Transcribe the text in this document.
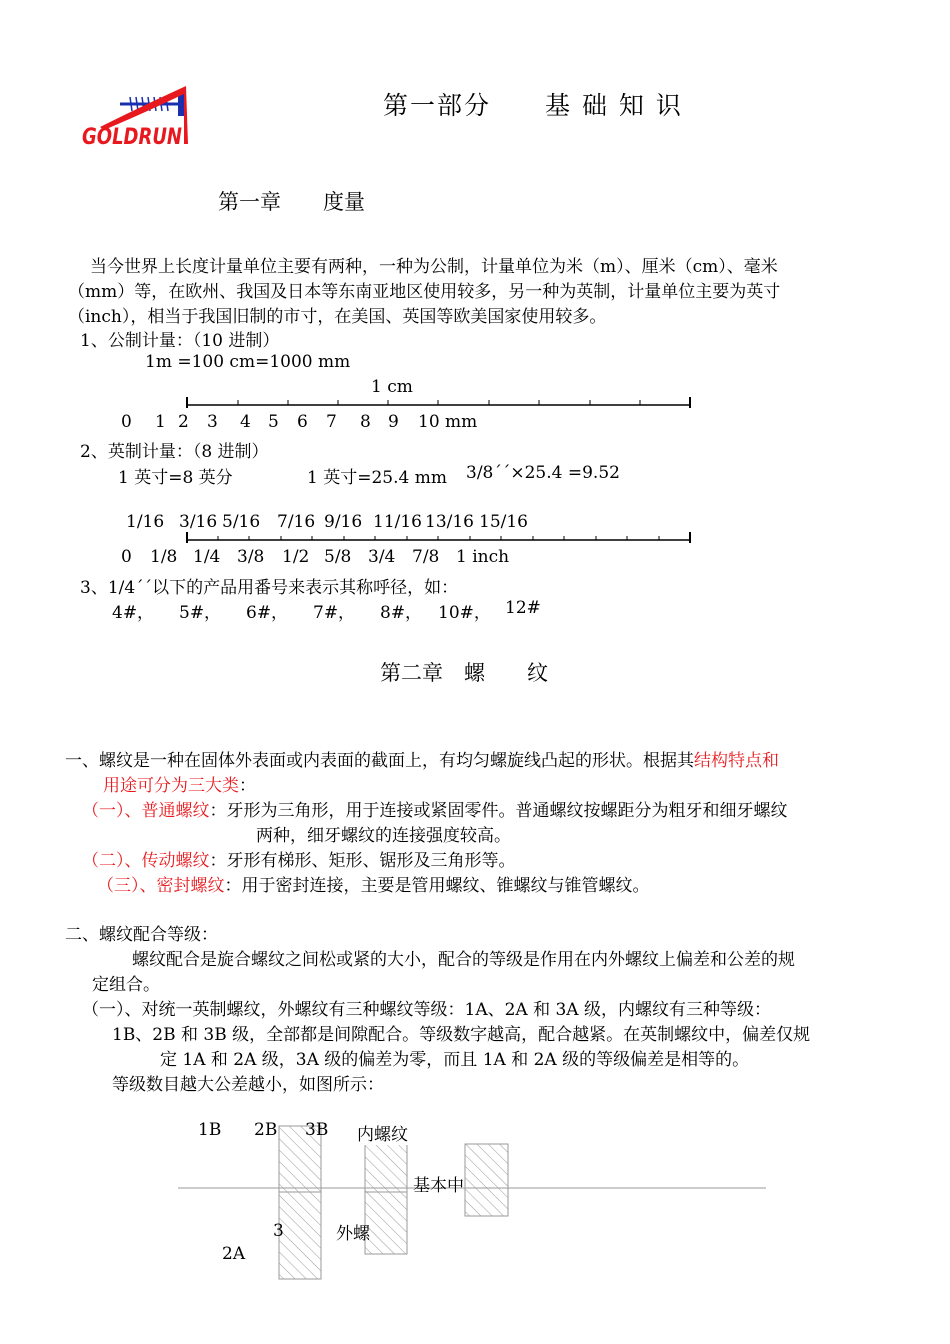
GOLDRUN
第一部分　　基 础 知 识
第一章　　度量
当今世界上长度计量单位主要有两种，一种为公制，计量单位为米（m）、厘米（cm）、毫米
（mm）等，在欧州、我国及日本等东南亚地区使用较多，另一种为英制，计量单位主要为英寸
（inch），相当于我国旧制的市寸，在美国、英国等欧美国家使用较多。
1、公制计量：（10 进制）
1m =100 cm=1000 mm
1 cm
0 1 2 3 4 5 6 7 8 9 10 mm
2、英制计量：（8 进制）
1 英寸=8 英分	1 英寸=25.4 mm 3/8´´×25.4 =9.52
1/16 3/16 5/16 7/16 9/16 11/16 13/16 15/16
0 1/8 1/4 3/8 1/2 5/8 3/4 7/8 1 inch
3、1/4´´以下的产品用番号来表示其称呼径，如：
4#， 5#， 6#， 7#， 8#， 10#， 12#
第二章　螺　　纹
一、螺纹是一种在固体外表面或内表面的截面上，有均匀螺旋线凸起的形状。根据其结构特点和
用途可分为三大类：
（一）、普通螺纹：牙形为三角形，用于连接或紧固零件。普通螺纹按螺距分为粗牙和细牙螺纹
两种，细牙螺纹的连接强度较高。
（二）、传动螺纹：牙形有梯形、矩形、锯形及三角形等。
（三）、密封螺纹：用于密封连接，主要是管用螺纹、锥螺纹与锥管螺纹。
二、螺纹配合等级：
螺纹配合是旋合螺纹之间松或紧的大小，配合的等级是作用在内外螺纹上偏差和公差的规
定组合。
（一）、对统一英制螺纹，外螺纹有三种螺纹等级：1A、2A 和 3A 级，内螺纹有三种等级：
1B、2B 和 3B 级，全部都是间隙配合。等级数字越高，配合越紧。在英制螺纹中，偏差仅规
定 1A 和 2A 级，3A 级的偏差为零，而且 1A 和 2A 级的等级偏差是相等的。
等级数目越大公差越小，如图所示：
1B 2B 3B 内螺纹
基本中
3	外螺
2A
